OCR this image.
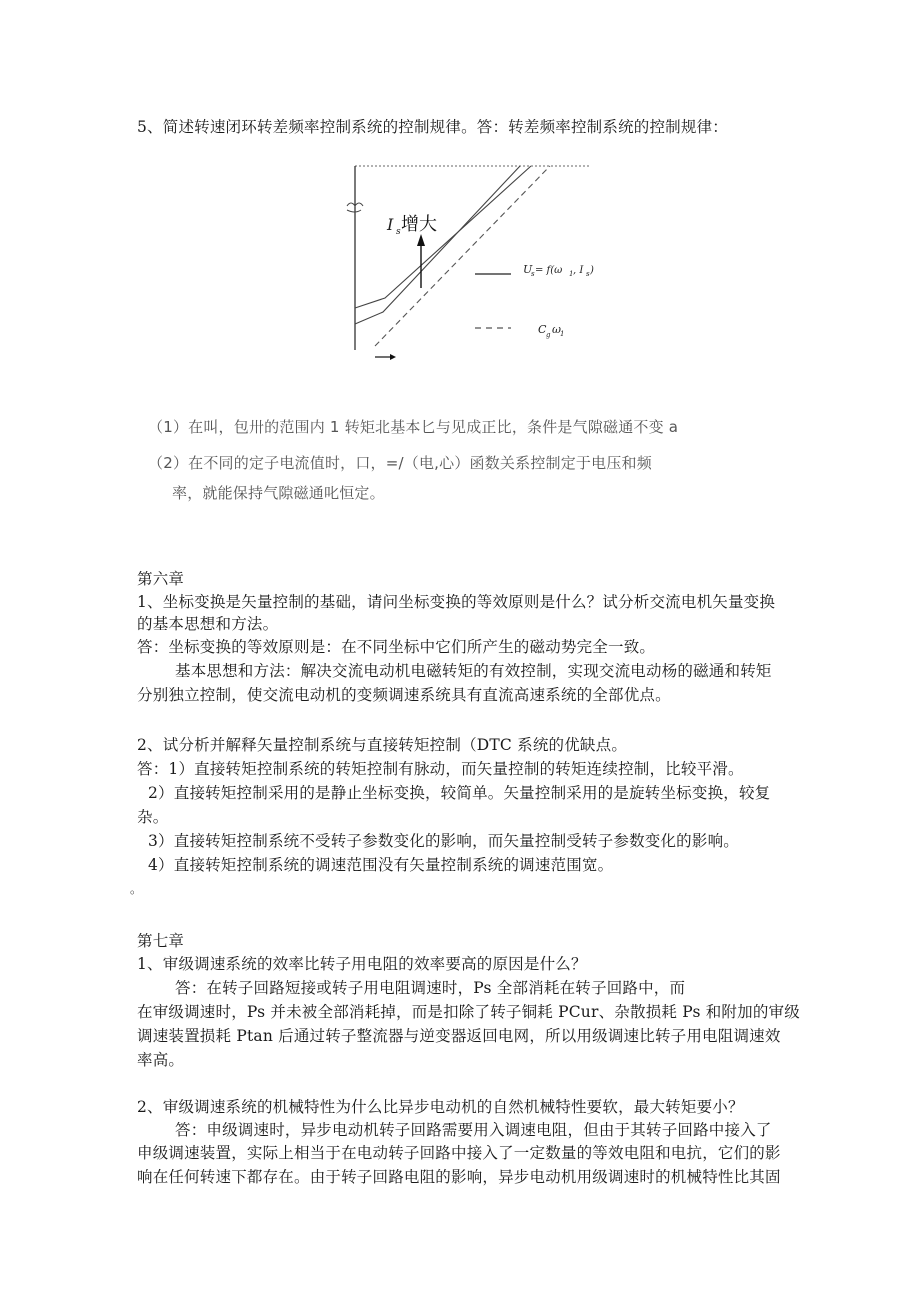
5、简述转速闭环转差频率控制系统的控制规律。答：转差频率控制系统的控制规律：
I s 增大
U
s = f(ω 1 , I s )
C g ω 1
（1）在叫，包卅的范围内 1 转矩北基本匕与见成正比，条件是气隙磁通不变 a
（2）在不同的定子电流值时，口，=/（电,心）函数关系控制定于电压和频
率，就能保持气隙磁通叱恒定。
第六章
1、坐标变换是矢量控制的基础，请问坐标变换的等效原则是什么？试分析交流电机矢量变换
的基本思想和方法。
答：坐标变换的等效原则是：在不同坐标中它们所产生的磁动势完全一致。
基本思想和方法：解决交流电动机电磁转矩的有效控制，实现交流电动杨的磁通和转矩
分别独立控制，使交流电动机的变频调速系统具有直流高速系统的全部优点。
2、试分析并解释矢量控制系统与直接转矩控制（DTC 系统的优缺点。
答：1）直接转矩控制系统的转矩控制有脉动，而矢量控制的转矩连续控制，比较平滑。
2）直接转矩控制采用的是静止坐标变换，较简单。矢量控制采用的是旋转坐标变换，较复
杂。
3）直接转矩控制系统不受转子参数变化的影响，而矢量控制受转子参数变化的影响。
4）直接转矩控制系统的调速范围没有矢量控制系统的调速范围宽。
。
第七章
1、审级调速系统的效率比转子用电阻的效率要高的原因是什么？
答：在转子回路短接或转子用电阻调速时，Ps 全部消耗在转子回路中，而
在审级调速时，Ps 并未被全部消耗掉，而是扣除了转子铜耗 PCur、杂散损耗 Ps 和附加的审级
调速装置损耗 Ptan 后通过转子整流器与逆变器返回电网，所以用级调速比转子用电阻调速效
率高。
2、审级调速系统的机械特性为什么比异步电动机的自然机械特性要软，最大转矩要小？
答：申级调速时，异步电动机转子回路需要用入调速电阻，但由于其转子回路中接入了
申级调速装置，实际上相当于在电动转子回路中接入了一定数量的等效电阻和电抗，它们的影
响在任何转速下都存在。由于转子回路电阻的影响，异步电动机用级调速时的机械特性比其固
